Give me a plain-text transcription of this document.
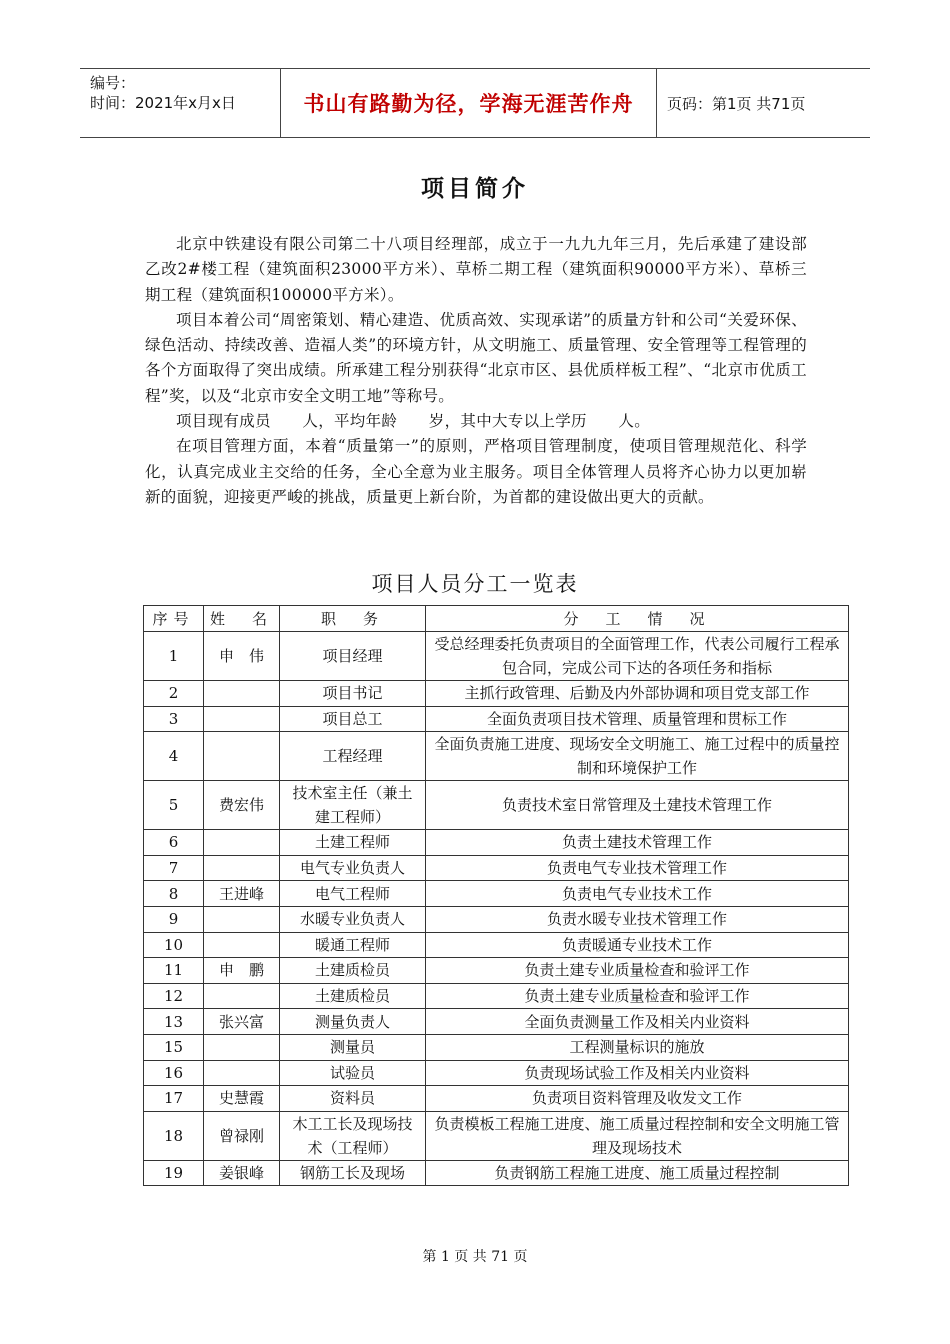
编号：
时间：2021年x月x日	书山有路勤为径，学海无涯苦作舟	页码：第1页 共71页
项目简介

北京中铁建设有限公司第二十八项目经理部，成立于一九九九年三月，先后承建了建设部乙改2#楼工程（建筑面积23000平方米）、草桥二期工程（建筑面积90000平方米）、草桥三期工程（建筑面积100000平方米）。

项目本着公司“周密策划、精心建造、优质高效、实现承诺”的质量方针和公司“关爱环保、绿色活动、持续改善、造福人类”的环境方针，从文明施工、质量管理、安全管理等工程管理的各个方面取得了突出成绩。所承建工程分别获得“北京市区、县优质样板工程”、“北京市优质工程”奖，以及“北京市安全文明工地”等称号。

项目现有成员　　人，平均年龄　　岁，其中大专以上学历　　人。

在项目管理方面，本着“质量第一”的原则，严格项目管理制度，使项目管理规范化、科学化，认真完成业主交给的任务，全心全意为业主服务。项目全体管理人员将齐心协力以更加崭新的面貌，迎接更严峻的挑战，质量更上新台阶，为首都的建设做出更大的贡献。

项目人员分工一览表
序号	姓　名	职　务	分　工　情　况
1	申　伟	项目经理	受总经理委托负责项目的全面管理工作，代表公司履行工程承包合同，完成公司下达的各项任务和指标
2		项目书记	主抓行政管理、后勤及内外部协调和项目党支部工作
3		项目总工	全面负责项目技术管理、质量管理和贯标工作
4		工程经理	全面负责施工进度、现场安全文明施工、施工过程中的质量控制和环境保护工作
5	费宏伟	技术室主任（兼土建工程师）	负责技术室日常管理及土建技术管理工作
6		土建工程师	负责土建技术管理工作
7		电气专业负责人	负责电气专业技术管理工作
8	王进峰	电气工程师	负责电气专业技术工作
9		水暖专业负责人	负责水暖专业技术管理工作
10		暖通工程师	负责暖通专业技术工作
11	申　鹏	土建质检员	负责土建专业质量检查和验评工作
12		土建质检员	负责土建专业质量检查和验评工作
13	张兴富	测量负责人	全面负责测量工作及相关内业资料
15		测量员	工程测量标识的施放
16		试验员	负责现场试验工作及相关内业资料
17	史慧霞	资料员	负责项目资料管理及收发文工作
18	曾禄刚	木工工长及现场技术（工程师）	负责模板工程施工进度、施工质量过程控制和安全文明施工管理及现场技术
19	姜银峰	钢筋工长及现场	负责钢筋工程施工进度、施工质量过程控制
第 1 页 共 71 页
